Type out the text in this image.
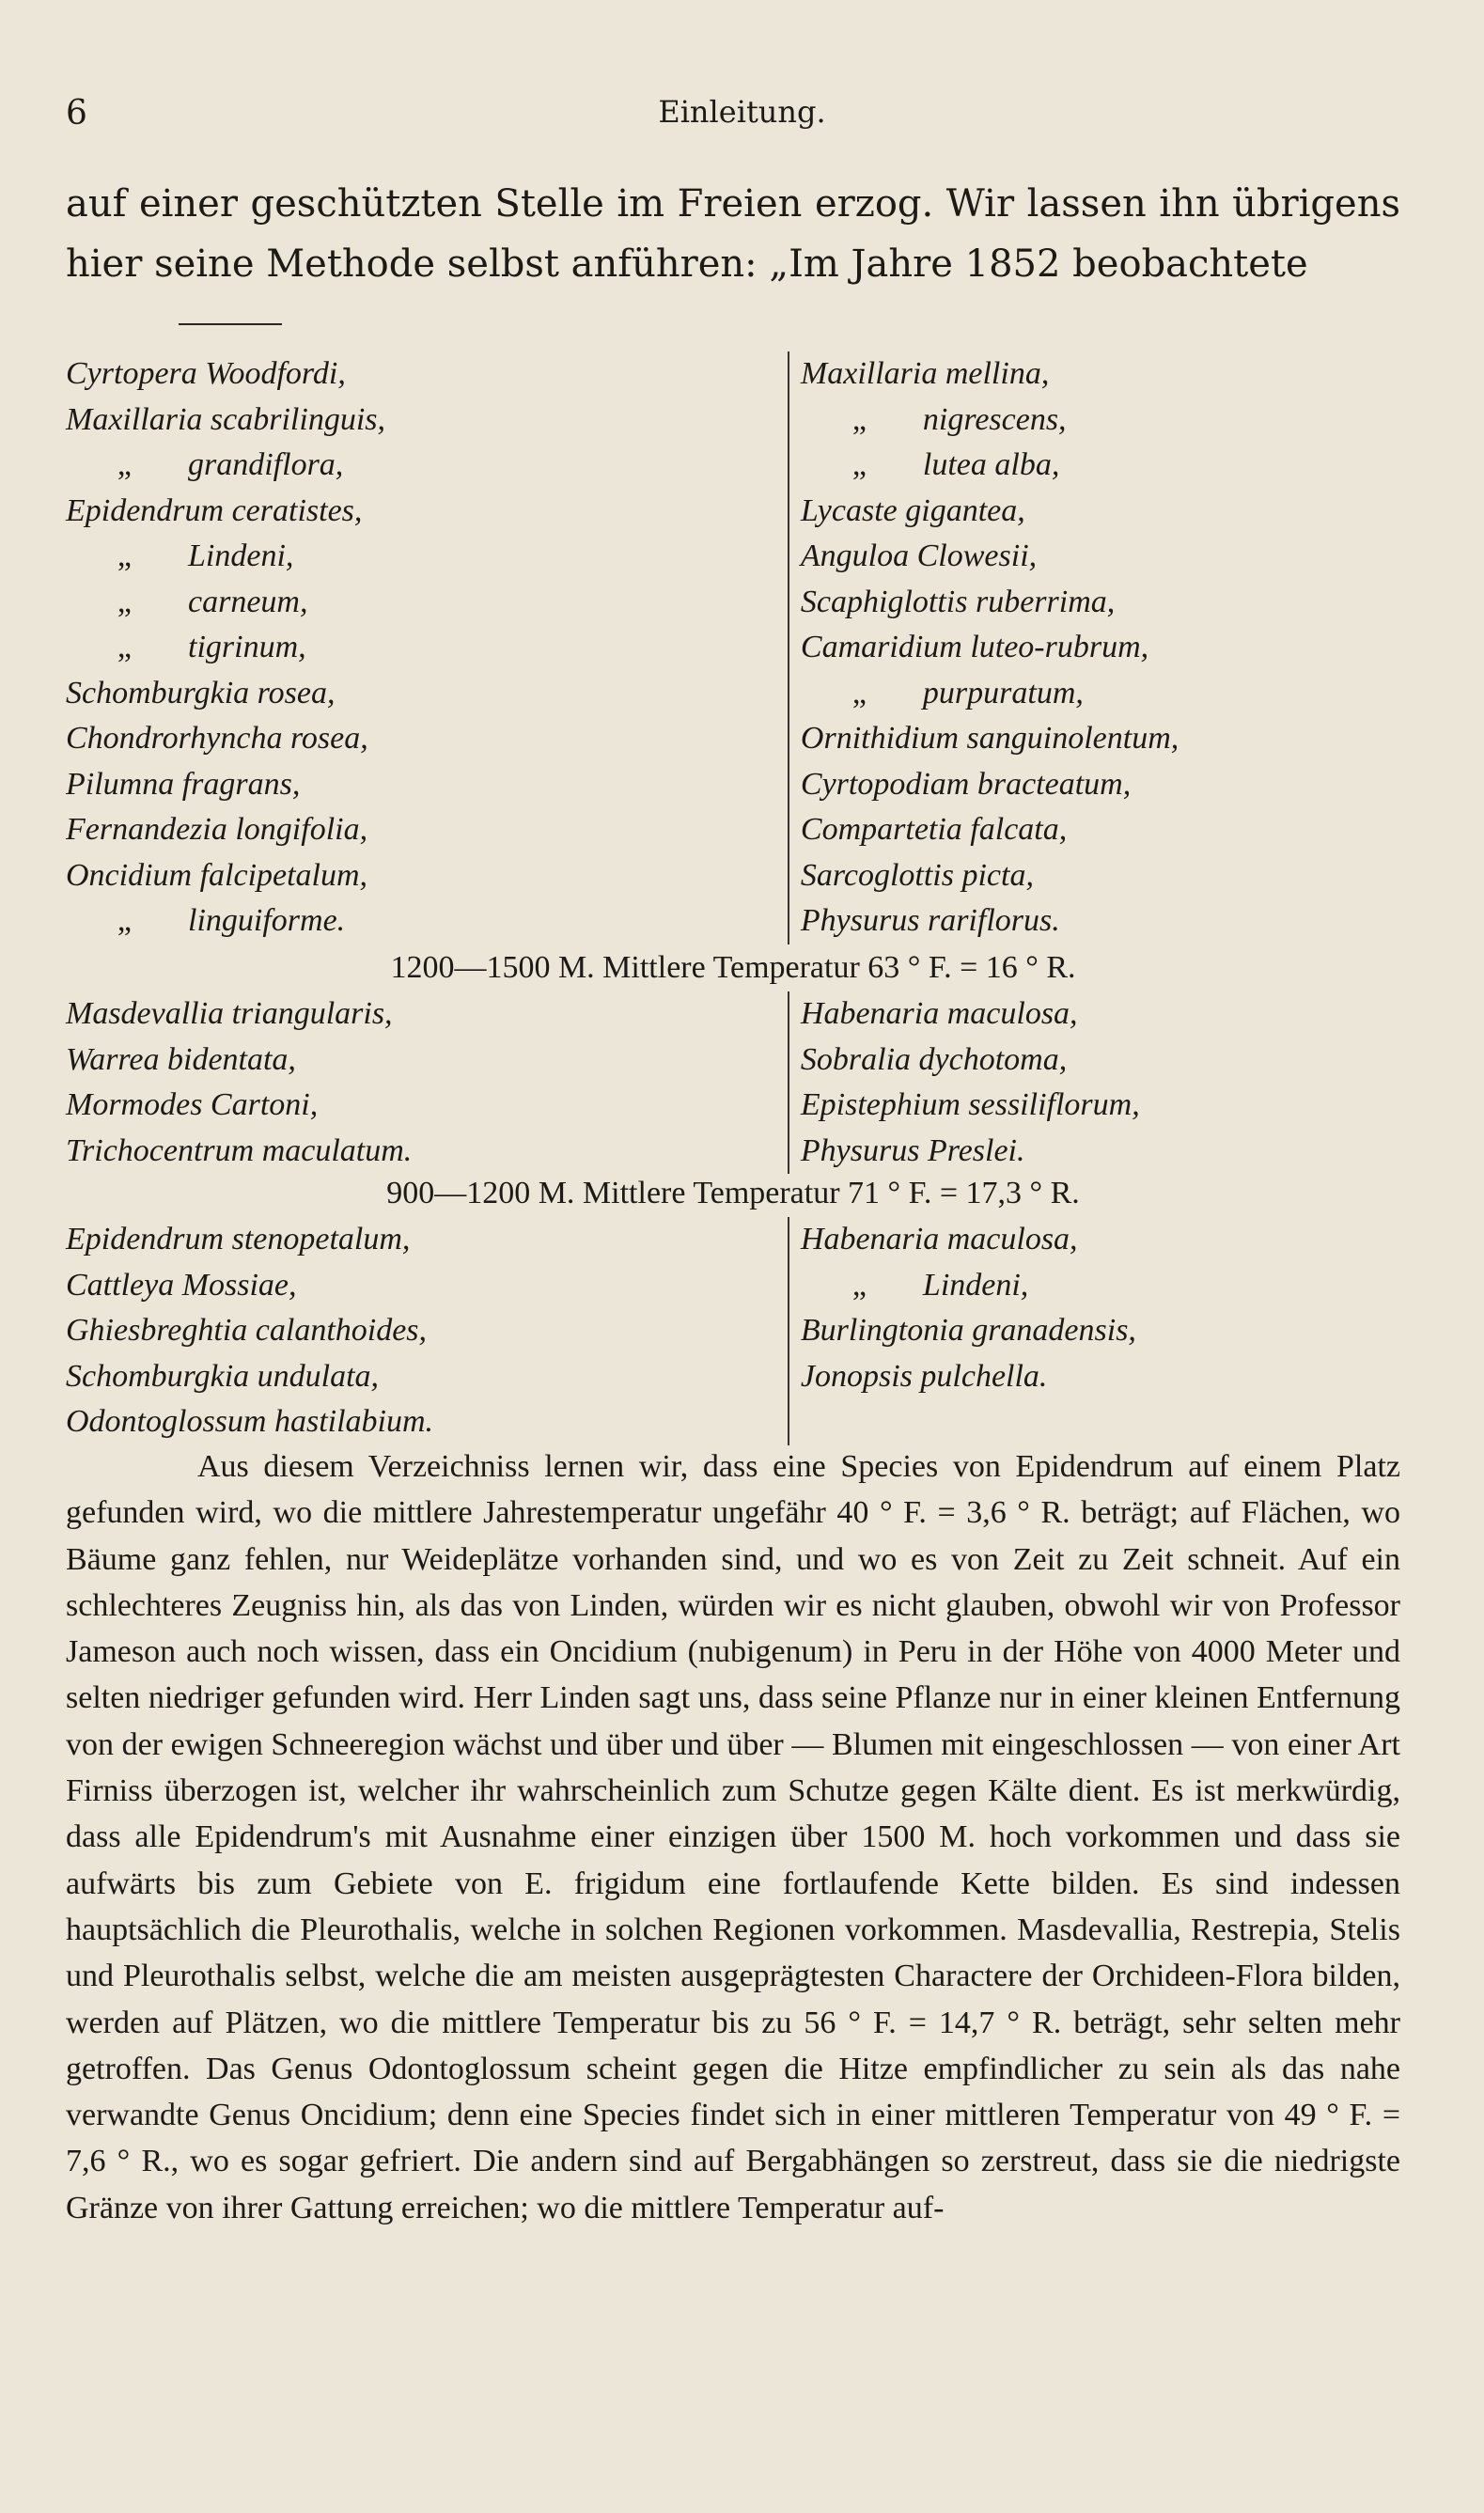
6	Einleitung.
auf einer geschützten Stelle im Freien erzog. Wir lassen ihn übrigens hier seine Methode selbst anführen: „Im Jahre 1852 beobachtete
Cyrtopera Woodfordi,
Maxillaria scabrilinguis,
„ grandiflora,
Epidendrum ceratistes,
„ Lindeni,
„ carneum,
„ tigrinum,
Schomburgkia rosea,
Chondrorhyncha rosea,
Pilumna fragrans,
Fernandezia longifolia,
Oncidium falcipetalum,
„ linguiforme.
Maxillaria mellina,
„ nigrescens,
„ lutea alba,
Lycaste gigantea,
Anguloa Clowesii,
Scaphiglottis ruberrima,
Camaridium luteo-rubrum,
„ purpuratum,
Ornithidium sanguinolentum,
Cyrtopodiam bracteatum,
Compartetia falcata,
Sarcoglottis picta,
Physurus rariflorus.
1200—1500 M. Mittlere Temperatur 63 ° F. = 16 ° R.
Masdevallia triangularis,
Warrea bidentata,
Mormodes Cartoni,
Trichocentrum maculatum.
Habenaria maculosa,
Sobralia dychotoma,
Epistephium sessiliflorum,
Physurus Preslei.
900—1200 M. Mittlere Temperatur 71 ° F. = 17,3 ° R.
Epidendrum stenopetalum,
Cattleya Mossiae,
Ghiesbreghtia calanthoides,
Schomburgkia undulata,
Odontoglossum hastilabium.
Habenaria maculosa,
„ Lindeni,
Burlingtonia granadensis,
Jonopsis pulchella.

Aus diesem Verzeichniss lernen wir, dass eine Species von Epidendrum auf einem Platz gefunden wird, wo die mittlere Jahrestemperatur ungefähr 40 ° F. = 3,6 ° R. beträgt; auf Flächen, wo Bäume ganz fehlen, nur Weideplätze vorhanden sind, und wo es von Zeit zu Zeit schneit. Auf ein schlechteres Zeugniss hin, als das von Linden, würden wir es nicht glauben, obwohl wir von Professor Jameson auch noch wissen, dass ein Oncidium (nubigenum) in Peru in der Höhe von 4000 Meter und selten niedriger gefunden wird. Herr Linden sagt uns, dass seine Pflanze nur in einer kleinen Entfernung von der ewigen Schneeregion wächst und über und über — Blumen mit eingeschlossen — von einer Art Firniss überzogen ist, welcher ihr wahrscheinlich zum Schutze gegen Kälte dient. Es ist merkwürdig, dass alle Epidendrum's mit Ausnahme einer einzigen über 1500 M. hoch vorkommen und dass sie aufwärts bis zum Gebiete von E. frigidum eine fortlaufende Kette bilden. Es sind indessen hauptsächlich die Pleurothalis, welche in solchen Regionen vorkommen. Masdevallia, Restrepia, Stelis und Pleurothalis selbst, welche die am meisten ausgeprägtesten Charactere der Orchideen-Flora bilden, werden auf Plätzen, wo die mittlere Temperatur bis zu 56 ° F. = 14,7 ° R. beträgt, sehr selten mehr getroffen. Das Genus Odontoglossum scheint gegen die Hitze empfindlicher zu sein als das nahe verwandte Genus Oncidium; denn eine Species findet sich in einer mittleren Temperatur von 49 ° F. = 7,6 ° R., wo es sogar gefriert. Die andern sind auf Bergabhängen so zerstreut, dass sie die niedrigste Gränze von ihrer Gattung erreichen; wo die mittlere Temperatur auf-
